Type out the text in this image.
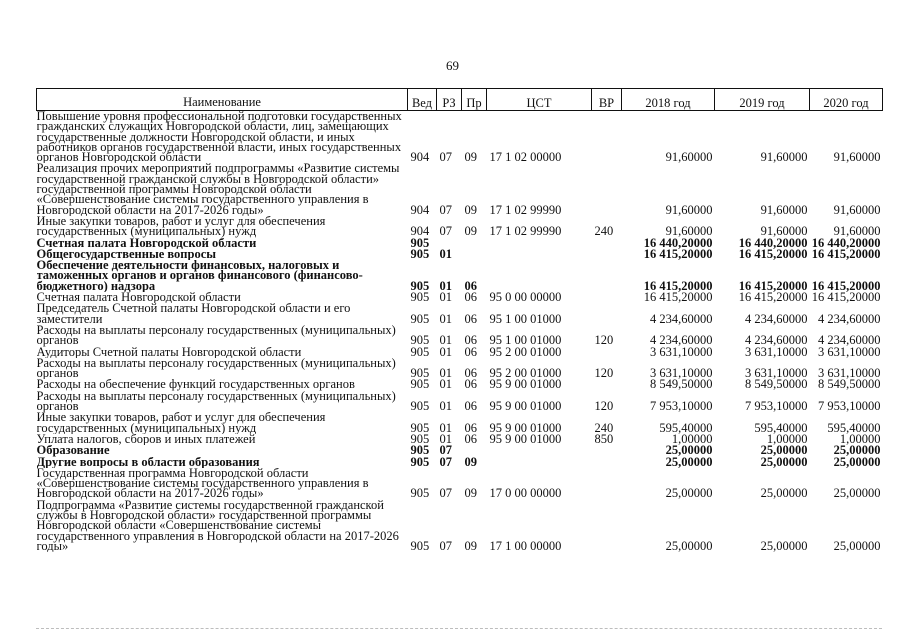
69
Наименование	Вед	РЗ	Пр	ЦСТ	ВР	2018 год	2019 год	2020 год
Повышение уровня профессиональной подготовки государственных гражданских служащих Новгородской области, лиц, замещающих государственные должности Новгородской области, и иных работников органов государственной власти, иных государственных органов Новгородской области	904	07	09	17 1 02 00000		91,60000	91,60000	91,60000
Реализация прочих мероприятий подпрограммы «Развитие системы государственной гражданской службы в Новгородской области» государственной программы Новгородской области «Совершенствование системы государственного управления в Новгородской области на 2017-2026 годы»	904	07	09	17 1 02 99990		91,60000	91,60000	91,60000
Иные закупки товаров, работ и услуг для обеспечения государственных (муниципальных) нужд	904	07	09	17 1 02 99990	240	91,60000	91,60000	91,60000
Счетная палата Новгородской области	905					16 440,20000	16 440,20000	16 440,20000
Общегосударственные вопросы	905	01				16 415,20000	16 415,20000	16 415,20000
Обеспечение деятельности финансовых, налоговых и таможенных органов и органов финансового (финансово-бюджетного) надзора	905	01	06			16 415,20000	16 415,20000	16 415,20000
Счетная палата Новгородской области	905	01	06	95 0 00 00000		16 415,20000	16 415,20000	16 415,20000
Председатель Счетной палаты Новгородской области и его заместители	905	01	06	95 1 00 01000		4 234,60000	4 234,60000	4 234,60000
Расходы на выплаты персоналу государственных (муниципальных) органов	905	01	06	95 1 00 01000	120	4 234,60000	4 234,60000	4 234,60000
Аудиторы Счетной палаты Новгородской области	905	01	06	95 2 00 01000		3 631,10000	3 631,10000	3 631,10000
Расходы на выплаты персоналу государственных (муниципальных) органов	905	01	06	95 2 00 01000	120	3 631,10000	3 631,10000	3 631,10000
Расходы на обеспечение функций государственных органов	905	01	06	95 9 00 01000		8 549,50000	8 549,50000	8 549,50000
Расходы на выплаты персоналу государственных (муниципальных) органов	905	01	06	95 9 00 01000	120	7 953,10000	7 953,10000	7 953,10000
Иные закупки товаров, работ и услуг для обеспечения государственных (муниципальных) нужд	905	01	06	95 9 00 01000	240	595,40000	595,40000	595,40000
Уплата налогов, сборов и иных платежей	905	01	06	95 9 00 01000	850	1,00000	1,00000	1,00000
Образование	905	07				25,00000	25,00000	25,00000
Другие вопросы в области образования	905	07	09			25,00000	25,00000	25,00000
Государственная программа Новгородской области «Совершенствование системы государственного управления в Новгородской области на 2017-2026 годы»	905	07	09	17 0 00 00000		25,00000	25,00000	25,00000
Подпрограмма «Развитие системы государственной гражданской службы в Новгородской области» государственной программы Новгородской области «Совершенствование системы государственного управления в Новгородской области на 2017-2026 годы»	905	07	09	17 1 00 00000		25,00000	25,00000	25,00000
